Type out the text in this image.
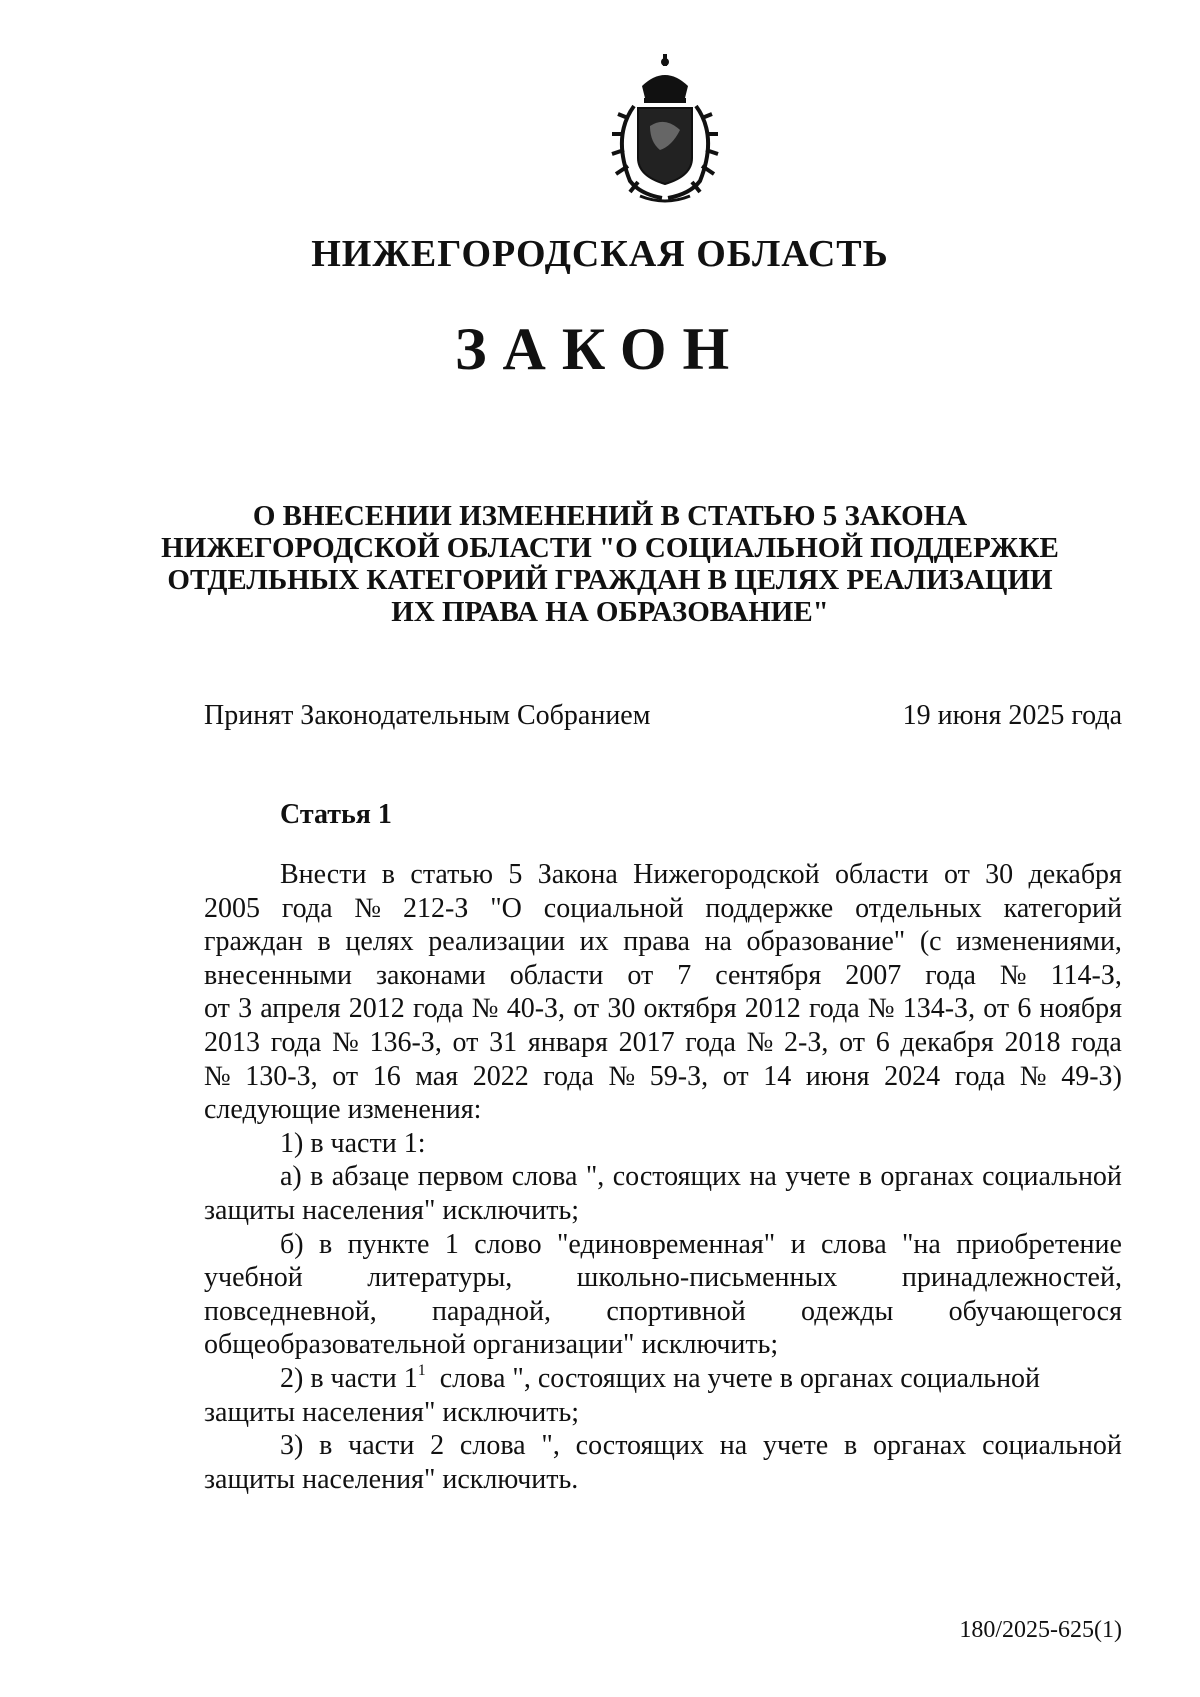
НИЖЕГОРОДСКАЯ ОБЛАСТЬ
ЗАКОН
О ВНЕСЕНИИ ИЗМЕНЕНИЙ В СТАТЬЮ 5 ЗАКОНА
НИЖЕГОРОДСКОЙ ОБЛАСТИ "О СОЦИАЛЬНОЙ ПОДДЕРЖКЕ
ОТДЕЛЬНЫХ КАТЕГОРИЙ ГРАЖДАН В ЦЕЛЯХ РЕАЛИЗАЦИИ
ИХ ПРАВА НА ОБРАЗОВАНИЕ"
Принят Законодательным Собранием	19 июня 2025 года
Статья 1
Внести в статью 5 Закона Нижегородской области от 30 декабря
2005 года № 212-З "О социальной поддержке отдельных категорий
граждан в целях реализации их права на образование" (с изменениями,
внесенными законами области от 7 сентября 2007 года № 114-З,
от 3 апреля 2012 года № 40-З, от 30 октября 2012 года № 134-З, от 6 ноября
2013 года № 136-З, от 31 января 2017 года № 2-З, от 6 декабря 2018 года
№ 130-З, от 16 мая 2022 года № 59-З, от 14 июня 2024 года № 49-З)
следующие изменения:
1) в части 1:
а) в абзаце первом слова ", состоящих на учете в органах социальной
защиты населения" исключить;
б) в пункте 1 слово "единовременная" и слова "на приобретение
учебной литературы, школьно-письменных принадлежностей,
повседневной, парадной, спортивной одежды обучающегося
общеобразовательной организации" исключить;
2) в части $1^1$ слова ", состоящих на учете в органах социальной
защиты населения" исключить;
3) в части 2 слова ", состоящих на учете в органах социальной
защиты населения" исключить.
180/2025-625(1)
